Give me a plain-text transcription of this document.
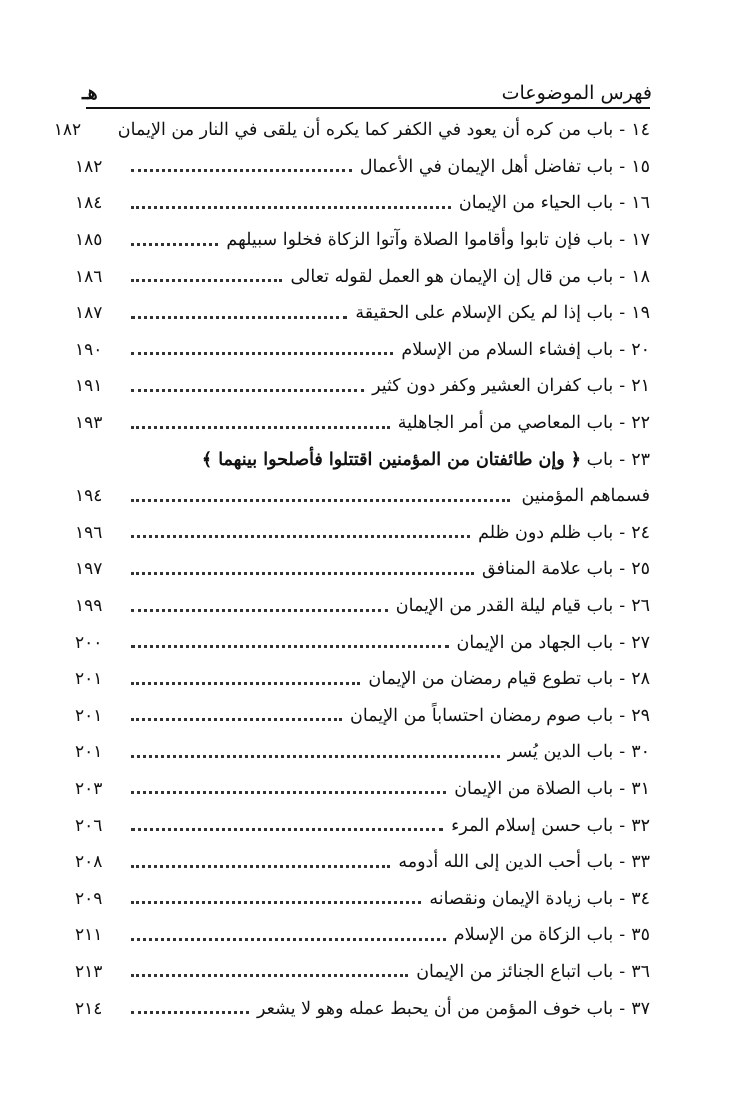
هـ	فهرس الموضوعات
١٤
-
باب من كره أن يعود في الكفر كما يكره أن يلقى في النار من الإيمان
١٨٢
١٥
-
باب تفاضل أهل الإيمان في الأعمال
١٨٢
١٦
-
باب الحياء من الإيمان
١٨٤
١٧
-
باب فإن تابوا وأقاموا الصلاة وآتوا الزكاة فخلوا سبيلهم
١٨٥
١٨
-
باب من قال إن الإيمان هو العمل لقوله تعالى
١٨٦
١٩
-
باب إذا لم يكن الإسلام على الحقيقة
١٨٧
٢٠
-
باب إفشاء السلام من الإسلام
١٩٠
٢١
-
باب كفران العشير وكفر دون كثير
١٩١
٢٢
-
باب المعاصي من أمر الجاهلية
١٩٣
٢٣
-
باب ﴿ وإن طائفتان من المؤمنين اقتتلوا فأصلحوا بينهما ﴾
فسماهم المؤمنين
١٩٤
٢٤
-
باب ظلم دون ظلم
١٩٦
٢٥
-
باب علامة المنافق
١٩٧
٢٦
-
باب قيام ليلة القدر من الإيمان
١٩٩
٢٧
-
باب الجهاد من الإيمان
٢٠٠
٢٨
-
باب تطوع قيام رمضان من الإيمان
٢٠١
٢٩
-
باب صوم رمضان احتساباً من الإيمان
٢٠١
٣٠
-
باب الدين يُسر
٢٠١
٣١
-
باب الصلاة من الإيمان
٢٠٣
٣٢
-
باب حسن إسلام المرء
٢٠٦
٣٣
-
باب أحب الدين إلى الله أدومه
٢٠٨
٣٤
-
باب زيادة الإيمان ونقصانه
٢٠٩
٣٥
-
باب الزكاة من الإسلام
٢١١
٣٦
-
باب اتباع الجنائز من الإيمان
٢١٣
٣٧
-
باب خوف المؤمن من أن يحبط عمله وهو لا يشعر
٢١٤
